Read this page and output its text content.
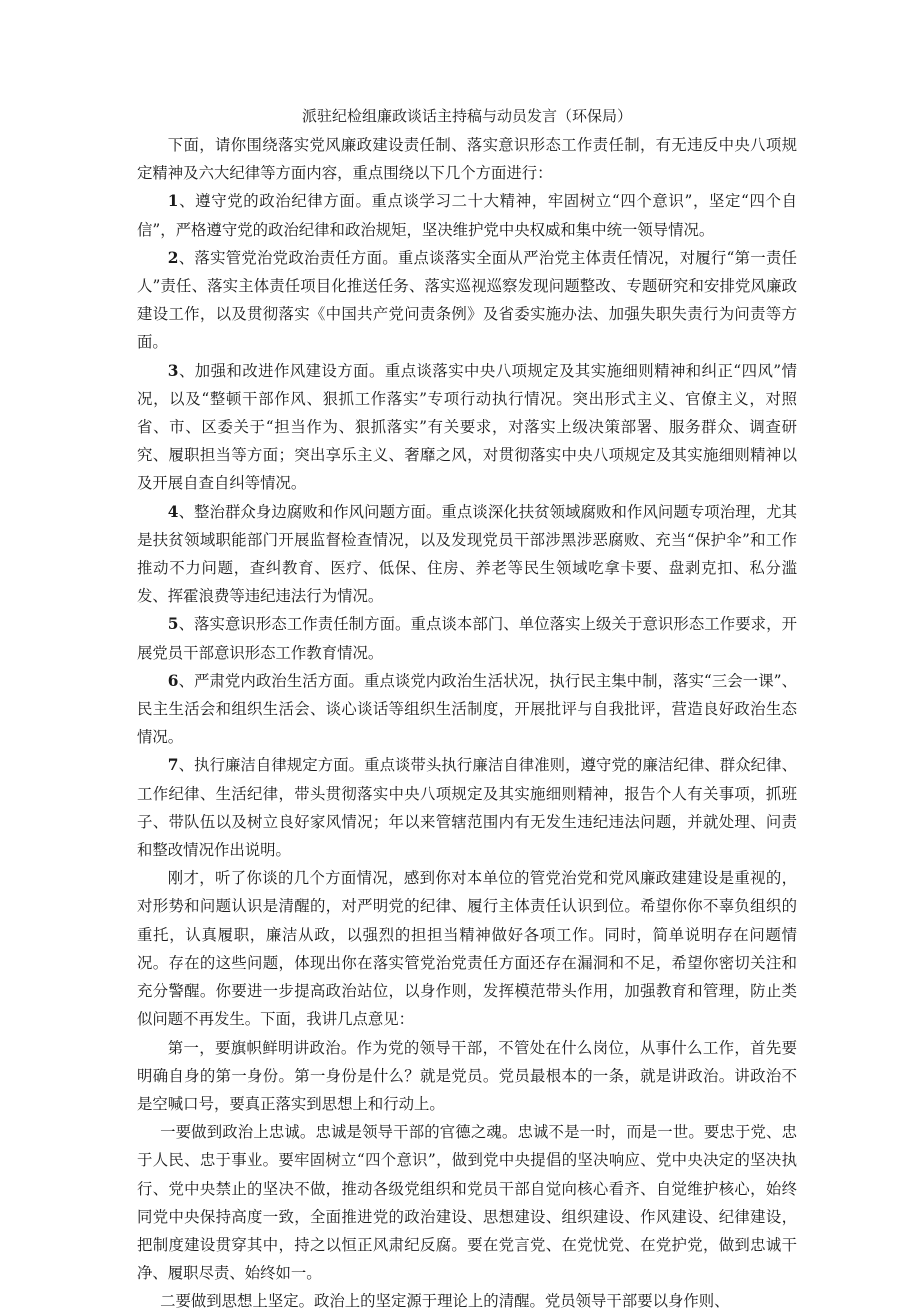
派驻纪检组廉政谈话主持稿与动员发言（环保局）

下面，请你围绕落实党风廉政建设责任制、落实意识形态工作责任制，有无违反中央八项规定精神及六大纪律等方面内容，重点围绕以下几个方面进行：

1、遵守党的政治纪律方面。重点谈学习二十大精神，牢固树立“四个意识”，坚定“四个自信”，严格遵守党的政治纪律和政治规矩，坚决维护党中央权威和集中统一领导情况。

2、落实管党治党政治责任方面。重点谈落实全面从严治党主体责任情况，对履行“第一责任人”责任、落实主体责任项目化推送任务、落实巡视巡察发现问题整改、专题研究和安排党风廉政建设工作，以及贯彻落实《中国共产党问责条例》及省委实施办法、加强失职失责行为问责等方面。

3、加强和改进作风建设方面。重点谈落实中央八项规定及其实施细则精神和纠正“四风”情况，以及“整顿干部作风、狠抓工作落实”专项行动执行情况。突出形式主义、官僚主义，对照省、市、区委关于“担当作为、狠抓落实”有关要求，对落实上级决策部署、服务群众、调查研究、履职担当等方面；突出享乐主义、奢靡之风，对贯彻落实中央八项规定及其实施细则精神以及开展自查自纠等情况。

4、整治群众身边腐败和作风问题方面。重点谈深化扶贫领域腐败和作风问题专项治理，尤其是扶贫领域职能部门开展监督检查情况，以及发现党员干部涉黑涉恶腐败、充当“保护伞”和工作推动不力问题，查纠教育、医疗、低保、住房、养老等民生领域吃拿卡要、盘剥克扣、私分滥发、挥霍浪费等违纪违法行为情况。

5、落实意识形态工作责任制方面。重点谈本部门、单位落实上级关于意识形态工作要求，开展党员干部意识形态工作教育情况。

6、严肃党内政治生活方面。重点谈党内政治生活状况，执行民主集中制，落实“三会一课”、民主生活会和组织生活会、谈心谈话等组织生活制度，开展批评与自我批评，营造良好政治生态情况。

7、执行廉洁自律规定方面。重点谈带头执行廉洁自律准则，遵守党的廉洁纪律、群众纪律、工作纪律、生活纪律，带头贯彻落实中央八项规定及其实施细则精神，报告个人有关事项，抓班子、带队伍以及树立良好家风情况；年以来管辖范围内有无发生违纪违法问题，并就处理、问责和整改情况作出说明。

刚才，听了你谈的几个方面情况，感到你对本单位的管党治党和党风廉政建建设是重视的，对形势和问题认识是清醒的，对严明党的纪律、履行主体责任认识到位。希望你你不辜负组织的重托，认真履职，廉洁从政，以强烈的担担当精神做好各项工作。同时，简单说明存在问题情况。存在的这些问题，体现出你在落实管党治党责任方面还存在漏洞和不足，希望你密切关注和充分警醒。你要进一步提高政治站位，以身作则，发挥模范带头作用，加强教育和管理，防止类似问题不再发生。下面，我讲几点意见：

第一，要旗帜鲜明讲政治。作为党的领导干部，不管处在什么岗位，从事什么工作，首先要明确自身的第一身份。第一身份是什么？就是党员。党员最根本的一条，就是讲政治。讲政治不是空喊口号，要真正落实到思想上和行动上。

一要做到政治上忠诚。忠诚是领导干部的官德之魂。忠诚不是一时，而是一世。要忠于党、忠于人民、忠于事业。要牢固树立“四个意识”，做到党中央提倡的坚决响应、党中央决定的坚决执行、党中央禁止的坚决不做，推动各级党组织和党员干部自觉向核心看齐、自觉维护核心，始终同党中央保持高度一致，全面推进党的政治建设、思想建设、组织建设、作风建设、纪律建设，把制度建设贯穿其中，持之以恒正风肃纪反腐。要在党言党、在党忧党、在党护党，做到忠诚干净、履职尽责、始终如一。

二要做到思想上坚定。政治上的坚定源于理论上的清醒。党员领导干部要以身作则、
